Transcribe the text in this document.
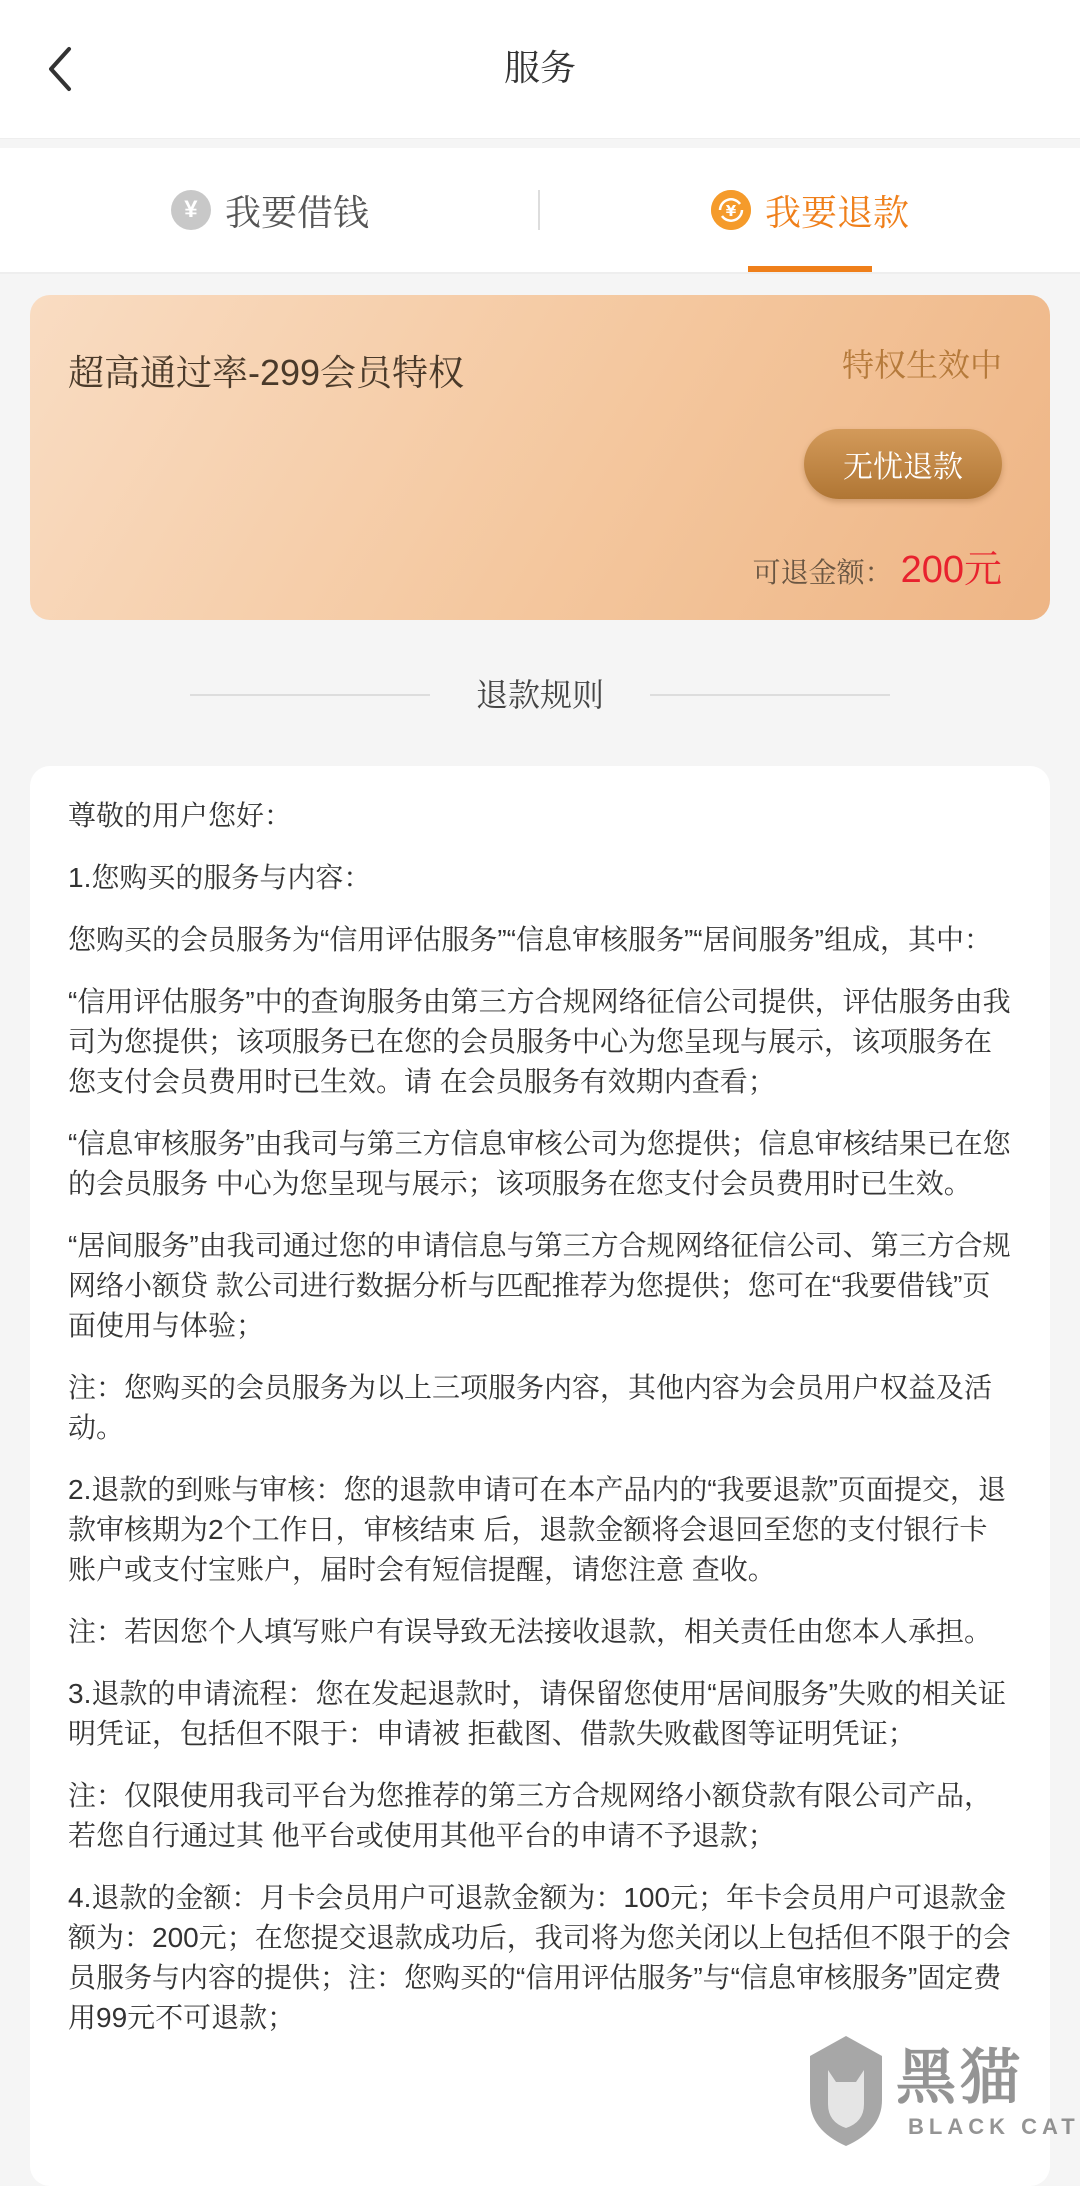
服务
¥ 我要借钱	¥ 我要退款
超高通过率-299会员特权	特权生效中
无忧退款
可退金额： 200元
退款规则

尊敬的用户您好：

1.您购买的服务与内容：

您购买的会员服务为“信用评估服务”“信息审核服务”“居间服务”组成，其中：

“信用评估服务”中的查询服务由第三方合规网络征信公司提供，评估服务由我司为您提供；该项服务已在您的会员服务中心为您呈现与展示，该项服务在您支付会员费用时已生效。请 在会员服务有效期内查看；

“信息审核服务”由我司与第三方信息审核公司为您提供；信息审核结果已在您的会员服务 中心为您呈现与展示；该项服务在您支付会员费用时已生效。

“居间服务”由我司通过您的申请信息与第三方合规网络征信公司、第三方合规网络小额贷 款公司进行数据分析与匹配推荐为您提供；您可在“我要借钱”页面使用与体验；

注：您购买的会员服务为以上三项服务内容，其他内容为会员用户权益及活动。

2.退款的到账与审核：您的退款申请可在本产品内的“我要退款”页面提交，退款审核期为2个工作日，审核结束 后，退款金额将会退回至您的支付银行卡账户或支付宝账户，届时会有短信提醒，请您注意 查收。

注：若因您个人填写账户有误导致无法接收退款，相关责任由您本人承担。

3.退款的申请流程：您在发起退款时，请保留您使用“居间服务”失败的相关证明凭证，包括但不限于：申请被 拒截图、借款失败截图等证明凭证；

注：仅限使用我司平台为您推荐的第三方合规网络小额贷款有限公司产品，若您自行通过其 他平台或使用其他平台的申请不予退款；

4.退款的金额：月卡会员用户可退款金额为：100元；年卡会员用户可退款金额为：200元；在您提交退款成功后，我司将为您关闭以上包括但不限于的会员服务与内容的提供；注：您购买的“信用评估服务”与“信息审核服务”固定费用99元不可退款；

黑猫
BLACK CAT
